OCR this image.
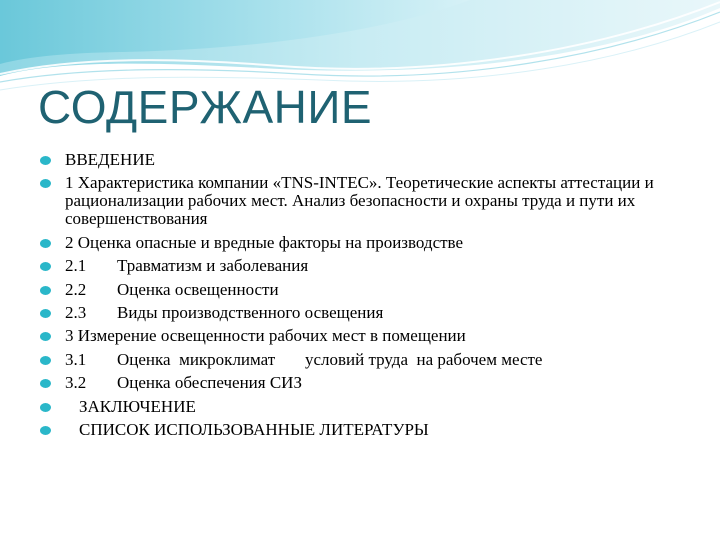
СОДЕРЖАНИЕ
ВВЕДЕНИЕ
1 Характеристика компании «TNS-INTEC». Теоретические аспекты аттестации и рационализации рабочих мест. Анализ безопасности и охраны труда и пути их совершенствования
2 Оценка опасные и вредные факторы на производстве
2.1 Травматизм и заболевания
2.2 Оценка освещенности
2.3 Виды производственного освещения
3 Измерение освещенности рабочих мест в помещении
3.1 Оценка  микроклимат       условий труда  на рабочем месте
3.2 Оценка обеспечения СИЗ
ЗАКЛЮЧЕНИЕ
СПИСОК ИСПОЛЬЗОВАННЫЕ ЛИТЕРАТУРЫ
